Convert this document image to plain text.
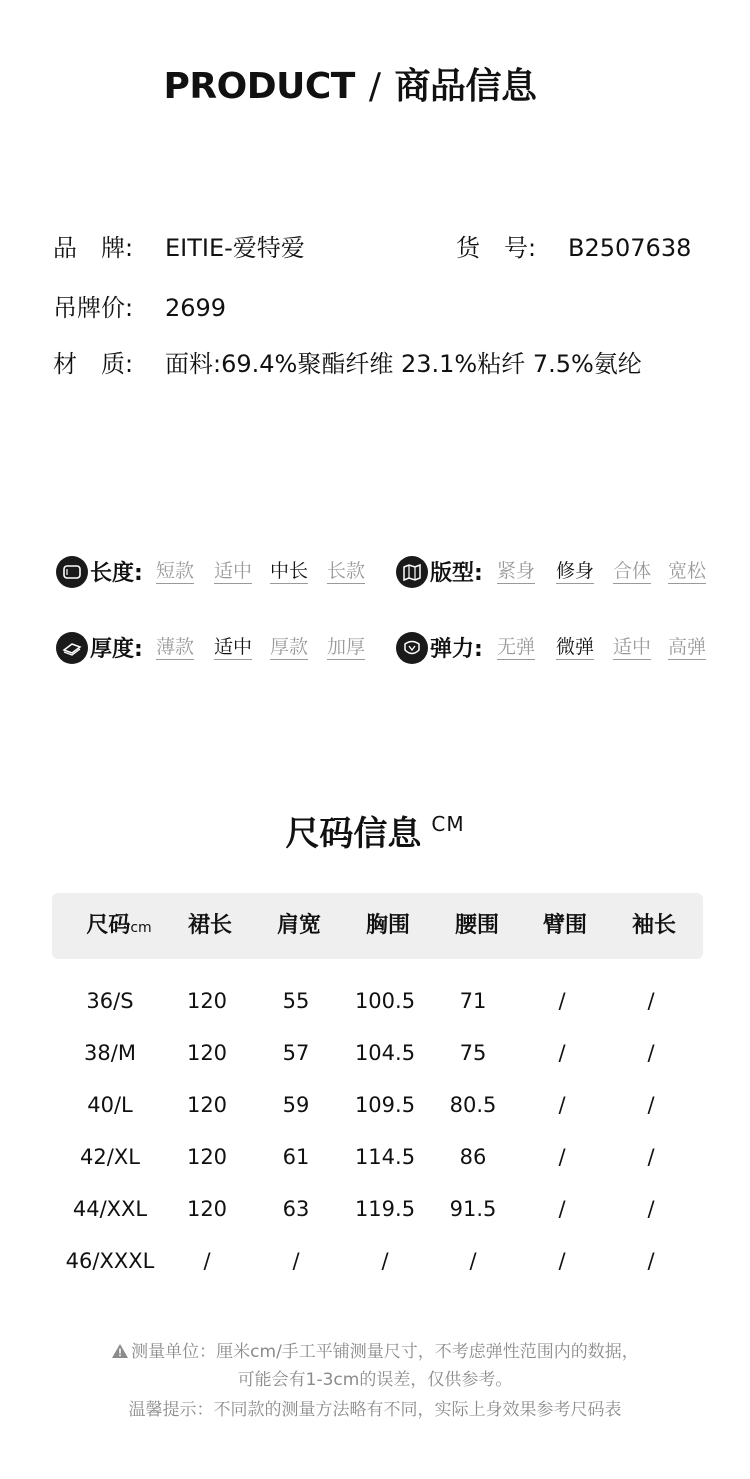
PRODUCT / 商品信息
品　牌: EITIE-爱特爱	货　号: B2507638
吊牌价: 2699
材　质: 面料:69.4%聚酯纤维 23.1%粘纤 7.5%氨纶
长度: 短款 适中 中长 长款	版型: 紧身 修身 合体 宽松
厚度: 薄款 适中 厚款 加厚	弹力: 无弹 微弹 适中 高弹
尺码信息 $^{CM}$
尺码cm	裙长	肩宽	胸围	腰围	臂围	袖长
36/S	120	55	100.5	71	/	/
38/M	120	57	104.5	75	/	/
40/L	120	59	109.5	80.5	/	/
42/XL	120	61	114.5	86	/	/
44/XXL	120	63	119.5	91.5	/	/
46/XXXL	/	/	/	/	/	/
测量单位：厘米cm/手工平铺测量尺寸，不考虑弹性范围内的数据，
可能会有1-3cm的误差，仅供参考。
温馨提示：不同款的测量方法略有不同，实际上身效果参考尺码表
